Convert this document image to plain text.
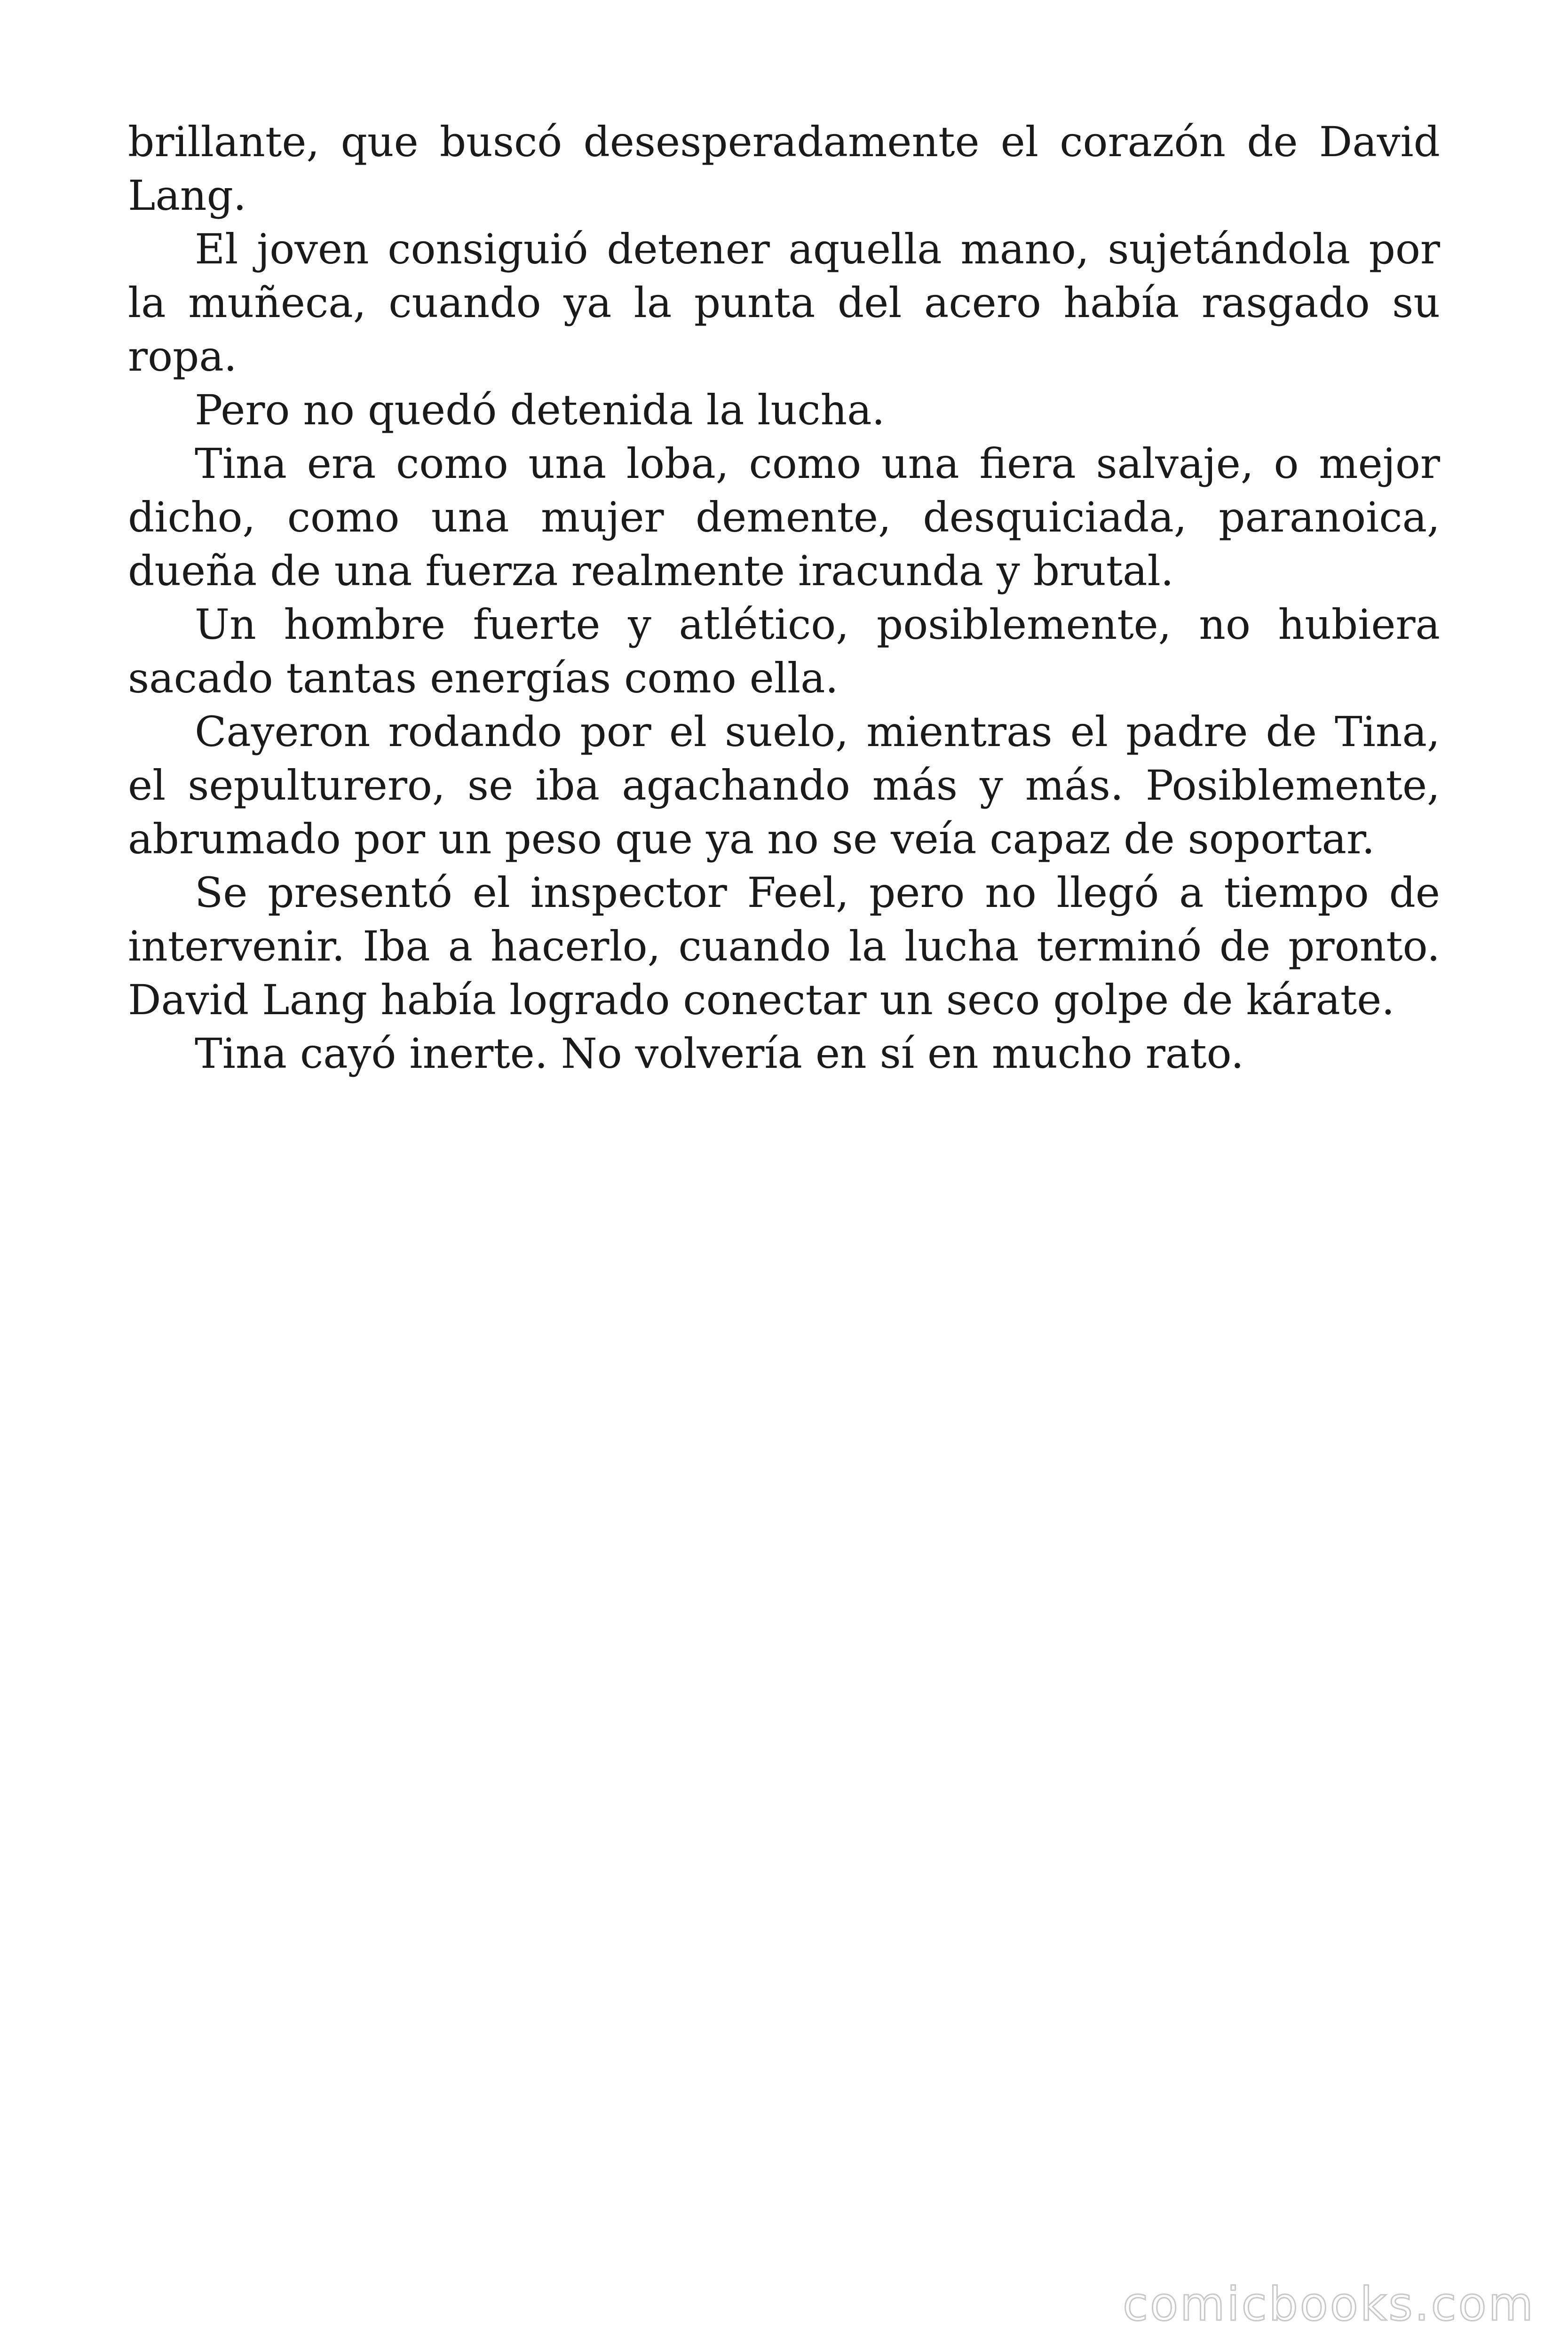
brillante, que buscó desesperadamente el corazón de David Lang.

El joven consiguió detener aquella mano, sujetándola por la muñeca, cuando ya la punta del acero había rasgado su ropa.

Pero no quedó detenida la lucha.

Tina era como una loba, como una fiera salvaje, o mejor dicho, como una mujer demente, desquiciada, paranoica, dueña de una fuerza realmente iracunda y brutal.

Un hombre fuerte y atlético, posiblemente, no hubiera sacado tantas energías como ella.

Cayeron rodando por el suelo, mientras el padre de Tina, el sepulturero, se iba agachando más y más. Posiblemente, abrumado por un peso que ya no se veía capaz de soportar.

Se presentó el inspector Feel, pero no llegó a tiempo de intervenir. Iba a hacerlo, cuando la lucha terminó de pronto. David Lang había logrado conectar un seco golpe de kárate.

Tina cayó inerte. No volvería en sí en mucho rato.

comicbooks.com
